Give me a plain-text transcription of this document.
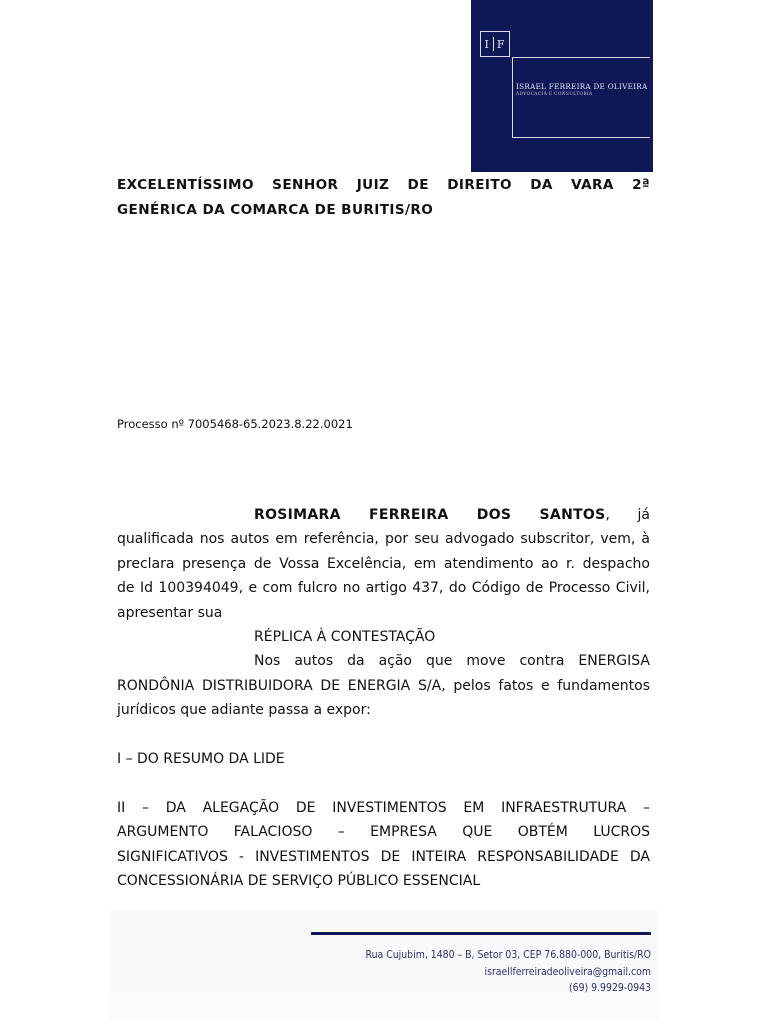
I F
ISRAEL FERREIRA DE OLIVEIRA
ADVOCACIA E CONSULTORIA
EXCELENTÍSSIMO SENHOR JUIZ DE DIREITO DA VARA 2ª
GENÉRICA DA COMARCA DE BURITIS/RO
Processo nº 7005468-65.2023.8.22.0021

ROSIMARA FERREIRA DOS SANTOS, já

qualificada nos autos em referência, por seu advogado subscritor, vem, à
preclara presença de Vossa Excelência, em atendimento ao r. despacho
de Id 100394049, e com fulcro no artigo 437, do Código de Processo Civil,
apresentar sua

RÉPLICA À CONTESTAÇÃO

Nos autos da ação que move contra ENERGISA

RONDÔNIA DISTRIBUIDORA DE ENERGIA S/A, pelos fatos e fundamentos
jurídicos que adiante passa a expor:
I – DO RESUMO DA LIDE
II – DA ALEGAÇÃO DE INVESTIMENTOS EM INFRAESTRUTURA –
ARGUMENTO FALACIOSO – EMPRESA QUE OBTÉM LUCROS
SIGNIFICATIVOS - INVESTIMENTOS DE INTEIRA RESPONSABILIDADE DA
CONCESSIONÁRIA DE SERVIÇO PÚBLICO ESSENCIAL
Rua Cujubim, 1480 – B, Setor 03, CEP 76.880-000, Buritis/RO
israellferreiradeoliveira@gmail.com
(69) 9.9929-0943
